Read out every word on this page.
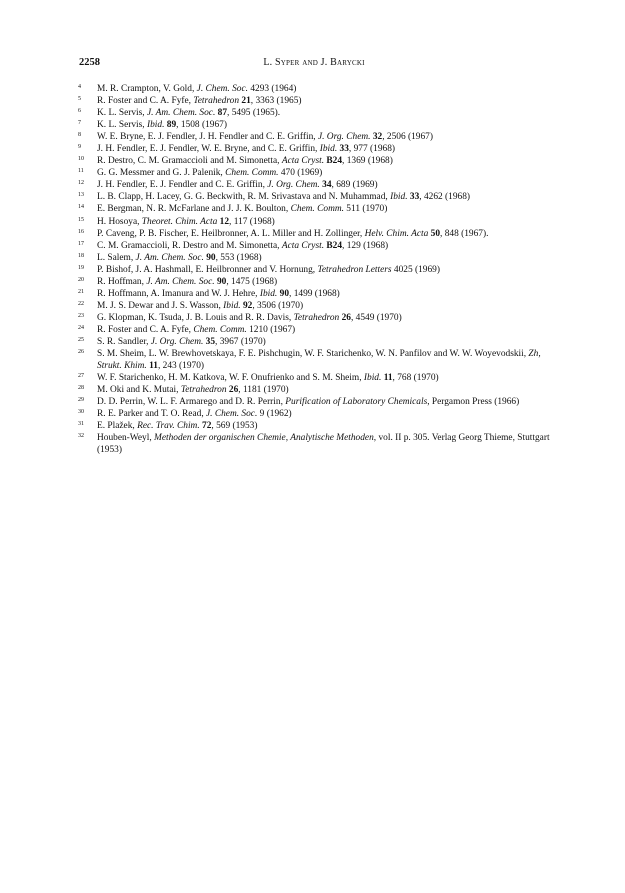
2258	L. Syper and J. Barycki
4	M. R. Crampton, V. Gold, J. Chem. Soc. 4293 (1964)
5	R. Foster and C. A. Fyfe, Tetrahedron 21, 3363 (1965)
6	K. L. Servis, J. Am. Chem. Soc. 87, 5495 (1965).
7	K. L. Servis, Ibid. 89, 1508 (1967)
8	W. E. Bryne, E. J. Fendler, J. H. Fendler and C. E. Griffin, J. Org. Chem. 32, 2506 (1967)
9	J. H. Fendler, E. J. Fendler, W. E. Bryne, and C. E. Griffin, Ibid. 33, 977 (1968)
10	R. Destro, C. M. Gramaccioli and M. Simonetta, Acta Cryst. B24, 1369 (1968)
11	G. G. Messmer and G. J. Palenik, Chem. Comm. 470 (1969)
12	J. H. Fendler, E. J. Fendler and C. E. Griffin, J. Org. Chem. 34, 689 (1969)
13	L. B. Clapp, H. Lacey, G. G. Beckwith, R. M. Srivastava and N. Muhammad, Ibid. 33, 4262 (1968)
14	E. Bergman, N. R. McFarlane and J. J. K. Boulton, Chem. Comm. 511 (1970)
15	H. Hosoya, Theoret. Chim. Acta 12, 117 (1968)
16	P. Caveng, P. B. Fischer, E. Heilbronner, A. L. Miller and H. Zollinger, Helv. Chim. Acta 50, 848 (1967).
17	C. M. Gramaccioli, R. Destro and M. Simonetta, Acta Cryst. B24, 129 (1968)
18	L. Salem, J. Am. Chem. Soc. 90, 553 (1968)
19	P. Bishof, J. A. Hashmall, E. Heilbronner and V. Hornung, Tetrahedron Letters 4025 (1969)
20	R. Hoffman, J. Am. Chem. Soc. 90, 1475 (1968)
21	R. Hoffmann, A. Imanura and W. J. Hehre, Ibid. 90, 1499 (1968)
22	M. J. S. Dewar and J. S. Wasson, Ibid. 92, 3506 (1970)
23	G. Klopman, K. Tsuda, J. B. Louis and R. R. Davis, Tetrahedron 26, 4549 (1970)
24	R. Foster and C. A. Fyfe, Chem. Comm. 1210 (1967)
25	S. R. Sandler, J. Org. Chem. 35, 3967 (1970)
26	S. M. Sheim, L. W. Brewhovetskaya, F. E. Pishchugin, W. F. Starichenko, W. N. Panfilov and W. W. Woyevodskii, Zh, Strukt. Khim. 11, 243 (1970)
27	W. F. Starichenko, H. M. Katkova, W. F. Onufrienko and S. M. Sheim, Ibid. 11, 768 (1970)
28	M. Oki and K. Mutai, Tetrahedron 26, 1181 (1970)
29	D. D. Perrin, W. L. F. Armarego and D. R. Perrin, Purification of Laboratory Chemicals, Pergamon Press (1966)
30	R. E. Parker and T. O. Read, J. Chem. Soc. 9 (1962)
31	E. Plažek, Rec. Trav. Chim. 72, 569 (1953)
32	Houben-Weyl, Methoden der organischen Chemie, Analytische Methoden, vol. II p. 305. Verlag Georg Thieme, Stuttgart (1953)
